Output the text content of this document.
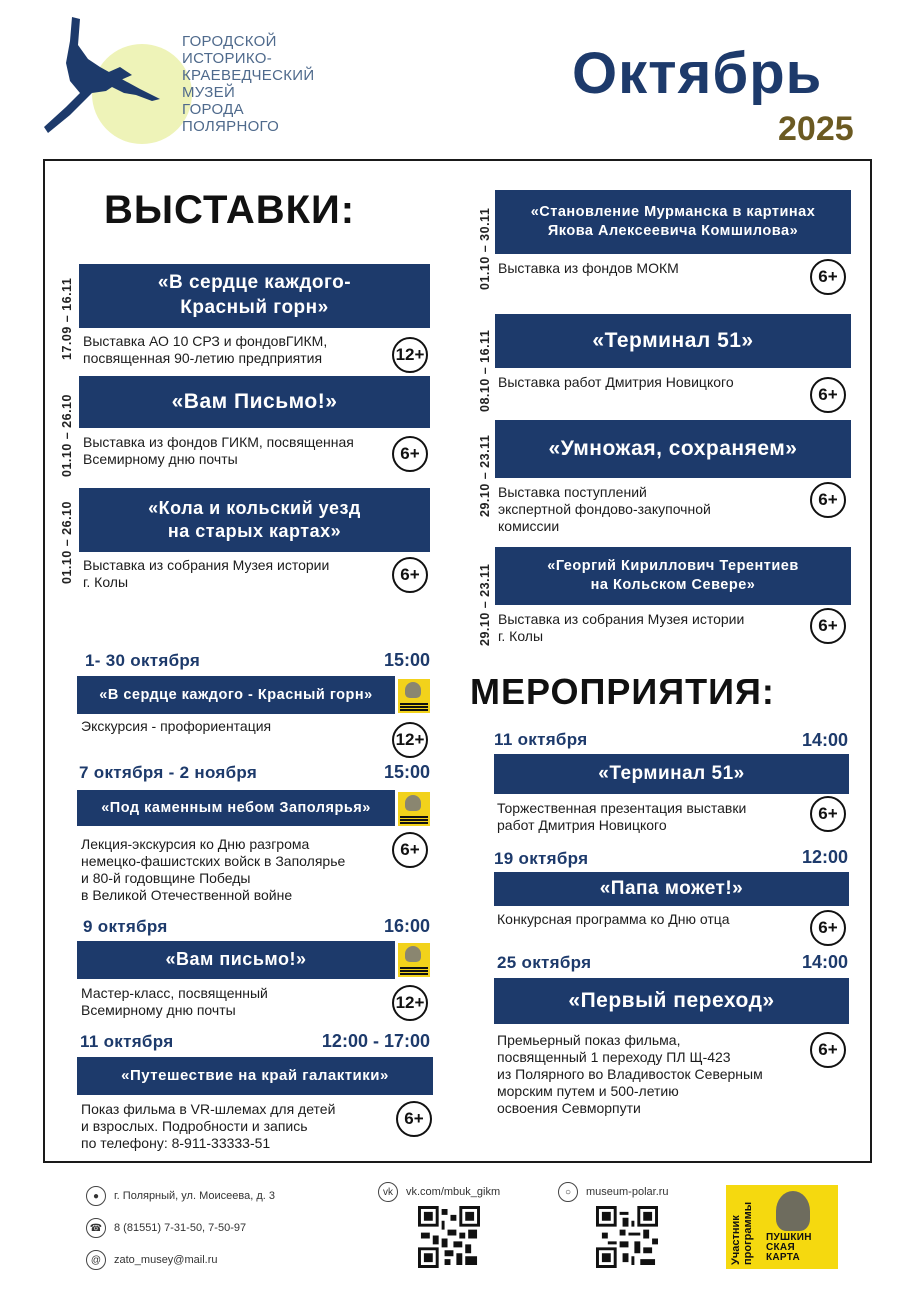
ГОРОДСКОЙ
ИСТОРИКО-
КРАЕВЕДЧЕСКИЙ
МУЗЕЙ
ГОРОДА
ПОЛЯРНОГО
Октябрь
2025
ВЫСТАВКИ:
17.09 – 16.11	«В сердце каждого-
Красный горн»
Выставка АО 10 СРЗ и фондовГИКМ,
посвященная 90-летию предприятия	12+
01.10 – 26.10	«Вам Письмо!»
Выставка из фондов ГИКМ, посвященная
Всемирному дню почты	6+
01.10 – 26.10	«Кола и кольский уезд
на старых картах»
Выставка из собрания Музея истории
г. Колы	6+
01.10 – 30.11	«Становление Мурманска в картинах
Якова Алексеевича Комшилова»
Выставка из фондов МОКМ	6+
08.10 – 16.11	«Терминал 51»
Выставка работ Дмитрия Новицкого
6+
29.10 – 23.11	«Умножая, сохраняем»
Выставка поступлений
экспертной фондово-закупочной
комиссии
6+
29.10 – 23.11	«Георгий Кириллович Терентиев
на Кольском Севере»
Выставка из собрания Музея истории
г. Колы
6+
1- 30 октября	15:00
«В сердце каждого - Красный горн»
Экскурсия - профориентация
12+
7 октября - 2 ноября	15:00
«Под каменным небом Заполярья»
Лекция-экскурсия ко Дню разгрома
немецко-фашистских войск в Заполярье
и 80-й годовщине Победы
в Великой Отечественной войне
6+
9 октября	16:00
«Вам письмо!»
Мастер-класс, посвященный
Всемирному дню почты	12+
11 октября	12:00 - 17:00
«Путешествие на край галактики»
Показ фильма в VR-шлемах для детей
и взрослых. Подробности и запись
по телефону: 8-911-33333-51
6+
МЕРОПРИЯТИЯ:
11 октября	14:00
«Терминал 51»
Торжественная презентация выставки
работ Дмитрия Новицкого
6+
19 октября	12:00
«Папа может!»
Конкурсная программа ко Дню отца	6+
25 октября	14:00
«Первый переход»
Премьерный показ фильма,
посвященный 1 переходу ПЛ Щ-423
из Полярного во Владивосток Северным
морским путем и 500-летию
освоения Севморпути
6+
●	г. Полярный, ул. Моисеева, д. 3
☎	8 (81551) 7-31-50, 7-50-97
@	zato_musey@mail.ru
vk	vk.com/mbuk_gikm	○	museum-polar.ru
Участник программы ПУШКИН
СКАЯ
КАРТА
